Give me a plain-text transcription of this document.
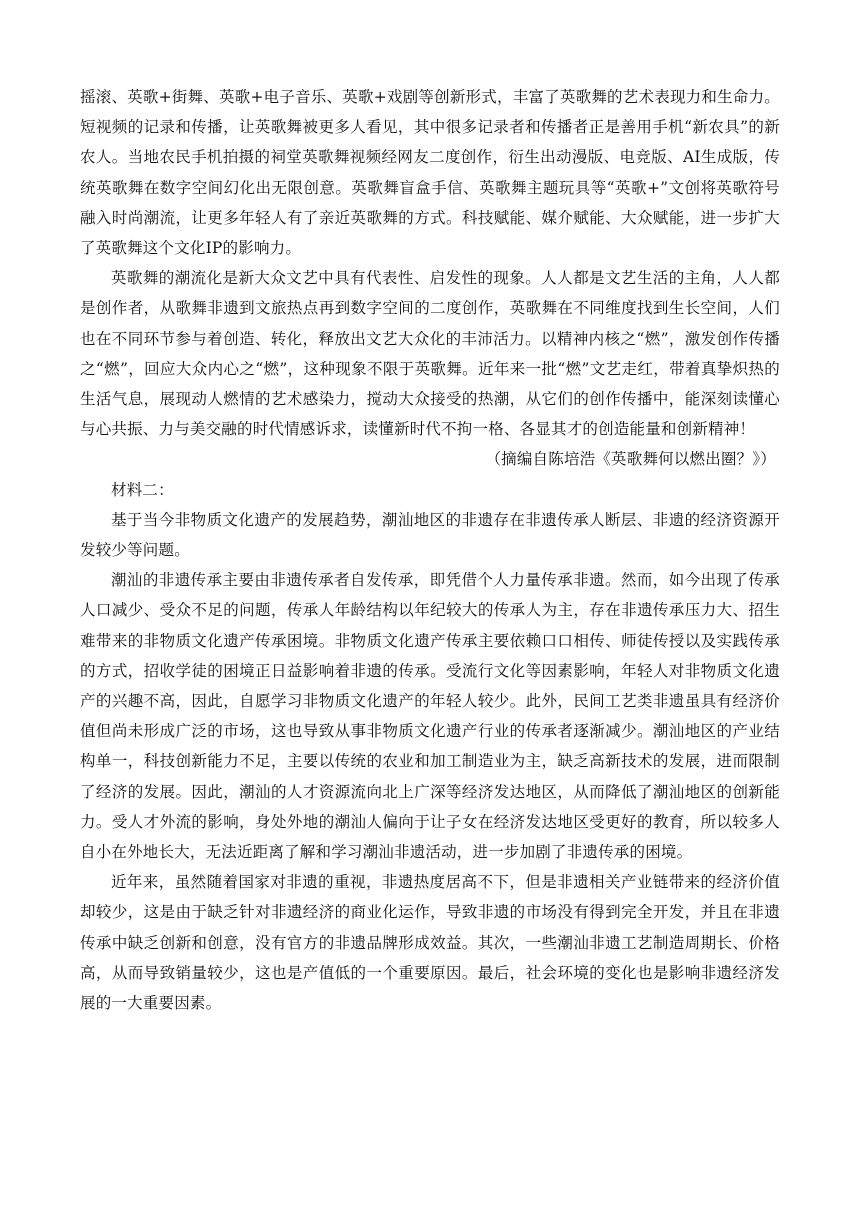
摇滚、英歌+街舞、英歌+电子音乐、英歌+戏剧等创新形式，丰富了英歌舞的艺术表现力和生命力。短视频的记录和传播，让英歌舞被更多人看见，其中很多记录者和传播者正是善用手机“新农具”的新农人。当地农民手机拍摄的祠堂英歌舞视频经网友二度创作，衍生出动漫版、电竞版、AI生成版，传统英歌舞在数字空间幻化出无限创意。英歌舞盲盒手信、英歌舞主题玩具等“英歌+”文创将英歌符号融入时尚潮流，让更多年轻人有了亲近英歌舞的方式。科技赋能、媒介赋能、大众赋能，进一步扩大了英歌舞这个文化IP的影响力。

英歌舞的潮流化是新大众文艺中具有代表性、启发性的现象。人人都是文艺生活的主角，人人都是创作者，从歌舞非遗到文旅热点再到数字空间的二度创作，英歌舞在不同维度找到生长空间，人们也在不同环节参与着创造、转化，释放出文艺大众化的丰沛活力。以精神内核之“燃”，激发创作传播之“燃”，回应大众内心之“燃”，这种现象不限于英歌舞。近年来一批“燃”文艺走红，带着真挚炽热的生活气息，展现动人燃情的艺术感染力，搅动大众接受的热潮，从它们的创作传播中，能深刻读懂心与心共振、力与美交融的时代情感诉求，读懂新时代不拘一格、各显其才的创造能量和创新精神！

（摘编自陈培浩《英歌舞何以燃出圈？》）

材料二：

基于当今非物质文化遗产的发展趋势，潮汕地区的非遗存在非遗传承人断层、非遗的经济资源开发较少等问题。

潮汕的非遗传承主要由非遗传承者自发传承，即凭借个人力量传承非遗。然而，如今出现了传承人口减少、受众不足的问题，传承人年龄结构以年纪较大的传承人为主，存在非遗传承压力大、招生难带来的非物质文化遗产传承困境。非物质文化遗产传承主要依赖口口相传、师徒传授以及实践传承的方式，招收学徒的困境正日益影响着非遗的传承。受流行文化等因素影响，年轻人对非物质文化遗产的兴趣不高，因此，自愿学习非物质文化遗产的年轻人较少。此外，民间工艺类非遗虽具有经济价值但尚未形成广泛的市场，这也导致从事非物质文化遗产行业的传承者逐渐减少。潮汕地区的产业结构单一，科技创新能力不足，主要以传统的农业和加工制造业为主，缺乏高新技术的发展，进而限制了经济的发展。因此，潮汕的人才资源流向北上广深等经济发达地区，从而降低了潮汕地区的创新能力。受人才外流的影响，身处外地的潮汕人偏向于让子女在经济发达地区受更好的教育，所以较多人自小在外地长大，无法近距离了解和学习潮汕非遗活动，进一步加剧了非遗传承的困境。

近年来，虽然随着国家对非遗的重视，非遗热度居高不下，但是非遗相关产业链带来的经济价值却较少，这是由于缺乏针对非遗经济的商业化运作，导致非遗的市场没有得到完全开发，并且在非遗传承中缺乏创新和创意，没有官方的非遗品牌形成效益。其次，一些潮汕非遗工艺制造周期长、价格高，从而导致销量较少，这也是产值低的一个重要原因。最后，社会环境的变化也是影响非遗经济发展的一大重要因素。
